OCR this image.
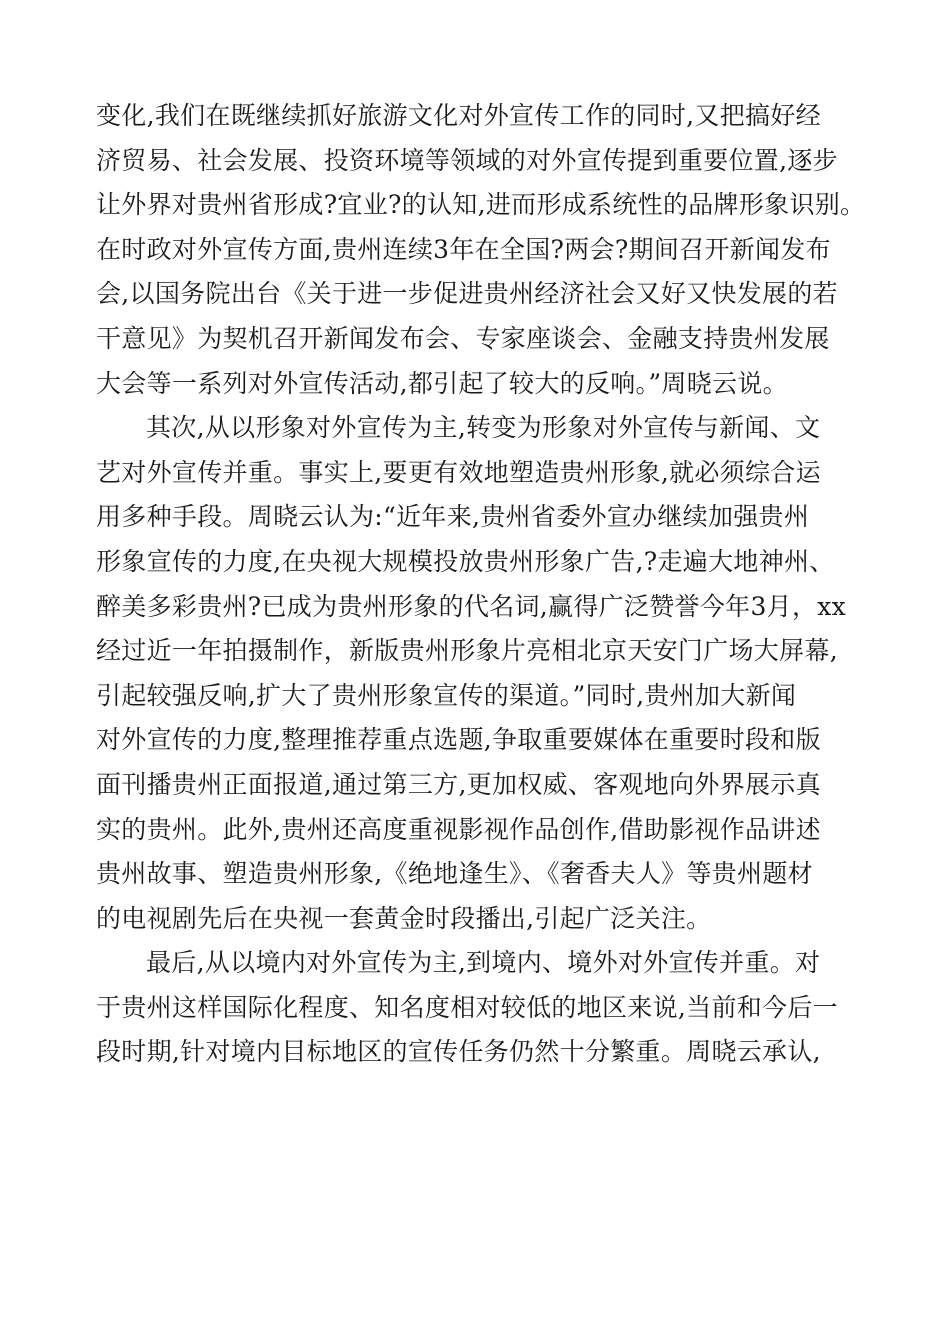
变化,我们在既继续抓好旅游文化对外宣传工作的同时,又把搞好经
济贸易、社会发展、投资环境等领域的对外宣传提到重要位置,逐步
让外界对贵州省形成?宜业?的认知,进而形成系统性的品牌形象识别。
在时政对外宣传方面,贵州连续3年在全国?两会?期间召开新闻发布
会,以国务院出台《关于进一步促进贵州经济社会又好又快发展的若
干意见》为契机召开新闻发布会、专家座谈会、金融支持贵州发展
大会等一系列对外宣传活动,都引起了较大的反响。”周晓云说。
其次,从以形象对外宣传为主,转变为形象对外宣传与新闻、文
艺对外宣传并重。事实上,要更有效地塑造贵州形象,就必须综合运
用多种手段。周晓云认为:“近年来,贵州省委外宣办继续加强贵州
形象宣传的力度,在央视大规模投放贵州形象广告,?走遍大地神州、
醉美多彩贵州?已成为贵州形象的代名词,赢得广泛赞誉今年3月，xx
经过近一年拍摄制作，新版贵州形象片亮相北京天安门广场大屏幕,
引起较强反响,扩大了贵州形象宣传的渠道。”同时,贵州加大新闻
对外宣传的力度,整理推荐重点选题,争取重要媒体在重要时段和版
面刊播贵州正面报道,通过第三方,更加权威、客观地向外界展示真
实的贵州。此外,贵州还高度重视影视作品创作,借助影视作品讲述
贵州故事、塑造贵州形象,《绝地逢生》、《奢香夫人》等贵州题材
的电视剧先后在央视一套黄金时段播出,引起广泛关注。
最后,从以境内对外宣传为主,到境内、境外对外宣传并重。对
于贵州这样国际化程度、知名度相对较低的地区来说,当前和今后一
段时期,针对境内目标地区的宣传任务仍然十分繁重。周晓云承认,
